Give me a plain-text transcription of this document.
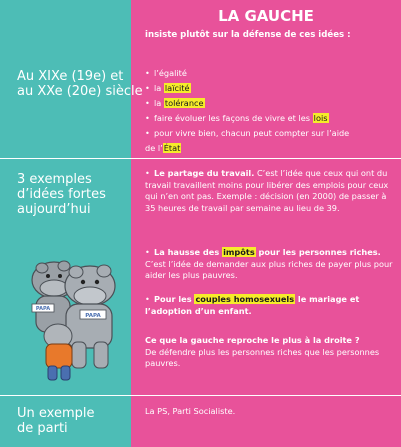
LA GAUCHE
insiste plutôt sur la défense de ces idées :
Au XIXe (19e) et
au XXe (20e) siècle
3 exemples
d’idées fortes
aujourd’hui
Un exemple
de parti
• l’égalité
• la laïcité
• la tolérance
• faire évoluer les façons de vivre et les lois
• pour vivre bien, chacun peut compter sur l’aide
de l’État
• Le partage du travail. C’est l’idée que ceux qui ont du travail travaillent moins pour libérer des emplois pour ceux qui n’en ont pas. Exemple : décision (en 2000) de passer à 35 heures de travail par semaine au lieu de 39.
• La hausse des impôts pour les personnes riches.
C’est l’idée de demander aux plus riches de payer plus pour aider les plus pauvres.
• Pour les couples homosexuels le mariage et l’adoption d’un enfant.
Ce que la gauche reproche le plus à la droite ?
De défendre plus les personnes riches que les personnes pauvres.
La PS, Parti Socialiste.
PAPA
PAPA
